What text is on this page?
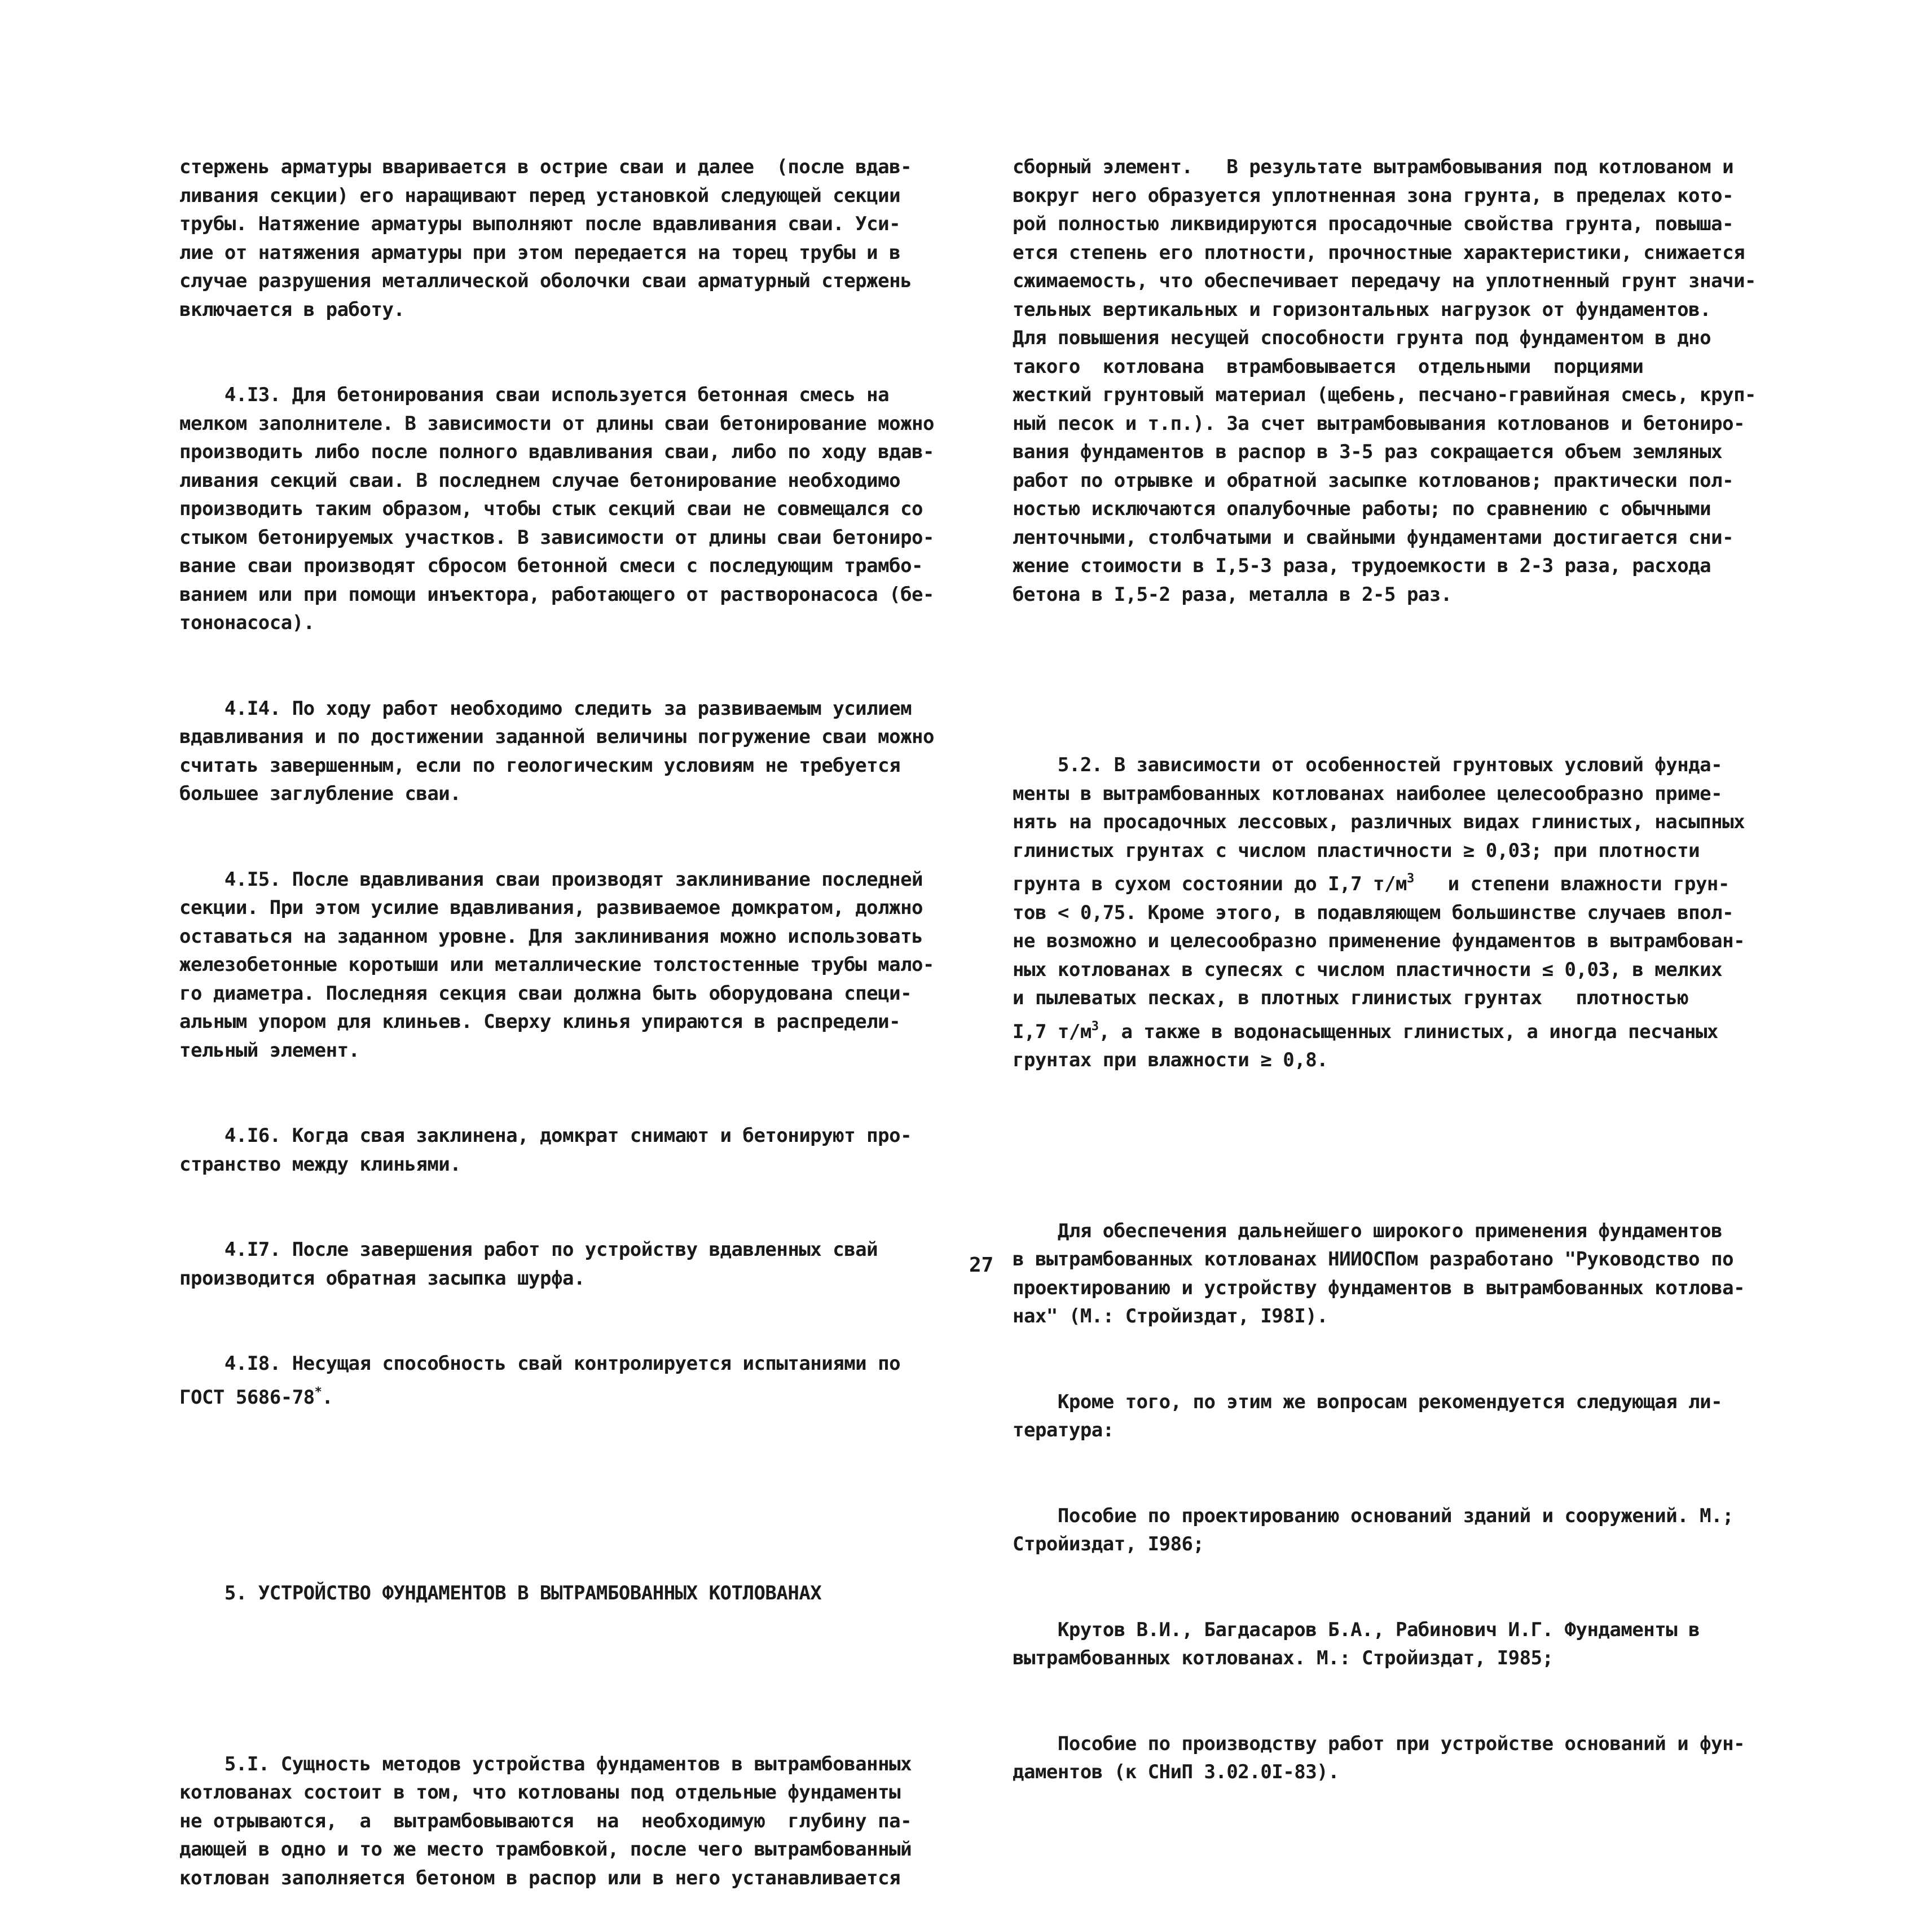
стержень арматуры вваривается в острие сваи и далее  (после вдав-
ливания секции) его наращивают перед установкой следующей секции
трубы. Натяжение арматуры выполняют после вдавливания сваи. Уси-
лие от натяжения арматуры при этом передается на торец трубы и в
случае разрушения металлической оболочки сваи арматурный стержень
включается в работу.

4.I3. Для бетонирования сваи используется бетонная смесь на
мелком заполнителе. В зависимости от длины сваи бетонирование можно
производить либо после полного вдавливания сваи, либо по ходу вдав-
ливания секций сваи. В последнем случае бетонирование необходимо
производить таким образом, чтобы стык секций сваи не совмещался со
стыком бетонируемых участков. В зависимости от длины сваи бетониро-
вание сваи производят сбросом бетонной смеси с последующим трамбо-
ванием или при помощи инъектора, работающего от растворонасоса (бе-
тононасоса).

4.I4. По ходу работ необходимо следить за развиваемым усилием
вдавливания и по достижении заданной величины погружение сваи можно
считать завершенным, если по геологическим условиям не требуется
большее заглубление сваи.

4.I5. После вдавливания сваи производят заклинивание последней
секции. При этом усилие вдавливания, развиваемое домкратом, должно
оставаться на заданном уровне. Для заклинивания можно использовать
железобетонные коротыши или металлические толстостенные трубы мало-
го диаметра. Последняя секция сваи должна быть оборудована специ-
альным упором для клиньев. Сверху клинья упираются в распредели-
тельный элемент.

4.I6. Когда свая заклинена, домкрат снимают и бетонируют про-
странство между клиньями.

4.I7. После завершения работ по устройству вдавленных свай
производится обратная засыпка шурфа.

4.I8. Несущая способность свай контролируется испытаниями по
ГОСТ 5686-78*.

5. УСТРОЙСТВО ФУНДАМЕНТОВ В ВЫТРАМБОВАННЫХ КОТЛОВАНАХ

5.I. Сущность методов устройства фундаментов в вытрамбованных
котлованах состоит в том, что котлованы под отдельные фундаменты
не отрываются,  а  вытрамбовываются  на  необходимую  глубину па-
дающей в одно и то же место трамбовкой, после чего вытрамбованный
котлован заполняется бетоном в распор или в него устанавливается

сборный элемент.   В результате вытрамбовывания под котлованом и
вокруг него образуется уплотненная зона грунта, в пределах кото-
рой полностью ликвидируются просадочные свойства грунта, повыша-
ется степень его плотности, прочностные характеристики, снижается
сжимаемость, что обеспечивает передачу на уплотненный грунт значи-
тельных вертикальных и горизонтальных нагрузок от фундаментов.
Для повышения несущей способности грунта под фундаментом в дно
такого  котлована  втрамбовывается  отдельными  порциями
жесткий грунтовый материал (щебень, песчано-гравийная смесь, круп-
ный песок и т.п.). За счет вытрамбовывания котлованов и бетониро-
вания фундаментов в распор в 3-5 раз сокращается объем земляных
работ по отрывке и обратной засыпке котлованов; практически пол-
ностью исключаются опалубочные работы; по сравнению с обычными
ленточными, столбчатыми и свайными фундаментами достигается сни-
жение стоимости в I,5-3 раза, трудоемкости в 2-3 раза, расхода
бетона в I,5-2 раза, металла в 2-5 раз.

5.2. В зависимости от особенностей грунтовых условий фунда-
менты в вытрамбованных котлованах наиболее целесообразно приме-
нять на просадочных лессовых, различных видах глинистых, насыпных
глинистых грунтах с числом пластичности ≥ 0,03; при плотности
грунта в сухом состоянии до I,7 $т/м^3$   и степени влажности грун-
тов < 0,75. Кроме этого, в подавляющем большинстве случаев впол-
не возможно и целесообразно применение фундаментов в вытрамбован-
ных котлованах в супесях с числом пластичности ≤ 0,03, в мелких
и пылеватых песках, в плотных глинистых грунтах   плотностью
I,7 $т/м^3$, а также в водонасыщенных глинистых, а иногда песчаных
грунтах при влажности ≥ 0,8.

Для обеспечения дальнейшего широкого применения фундаментов
в вытрамбованных котлованах НИИОСПом разработано "Руководство по
проектированию и устройству фундаментов в вытрамбованных котлова-
нах" (М.: Стройиздат, I98I).

Кроме того, по этим же вопросам рекомендуется следующая ли-
тература:

Пособие по проектированию оснований зданий и сооружений. М.;
Стройиздат, I986;

Крутов В.И., Багдасаров Б.А., Рабинович И.Г. Фундаменты в
вытрамбованных котлованах. М.: Стройиздат, I985;

Пособие по производству работ при устройстве оснований и фун-
даментов (к СНиП 3.02.0I-83).

27
